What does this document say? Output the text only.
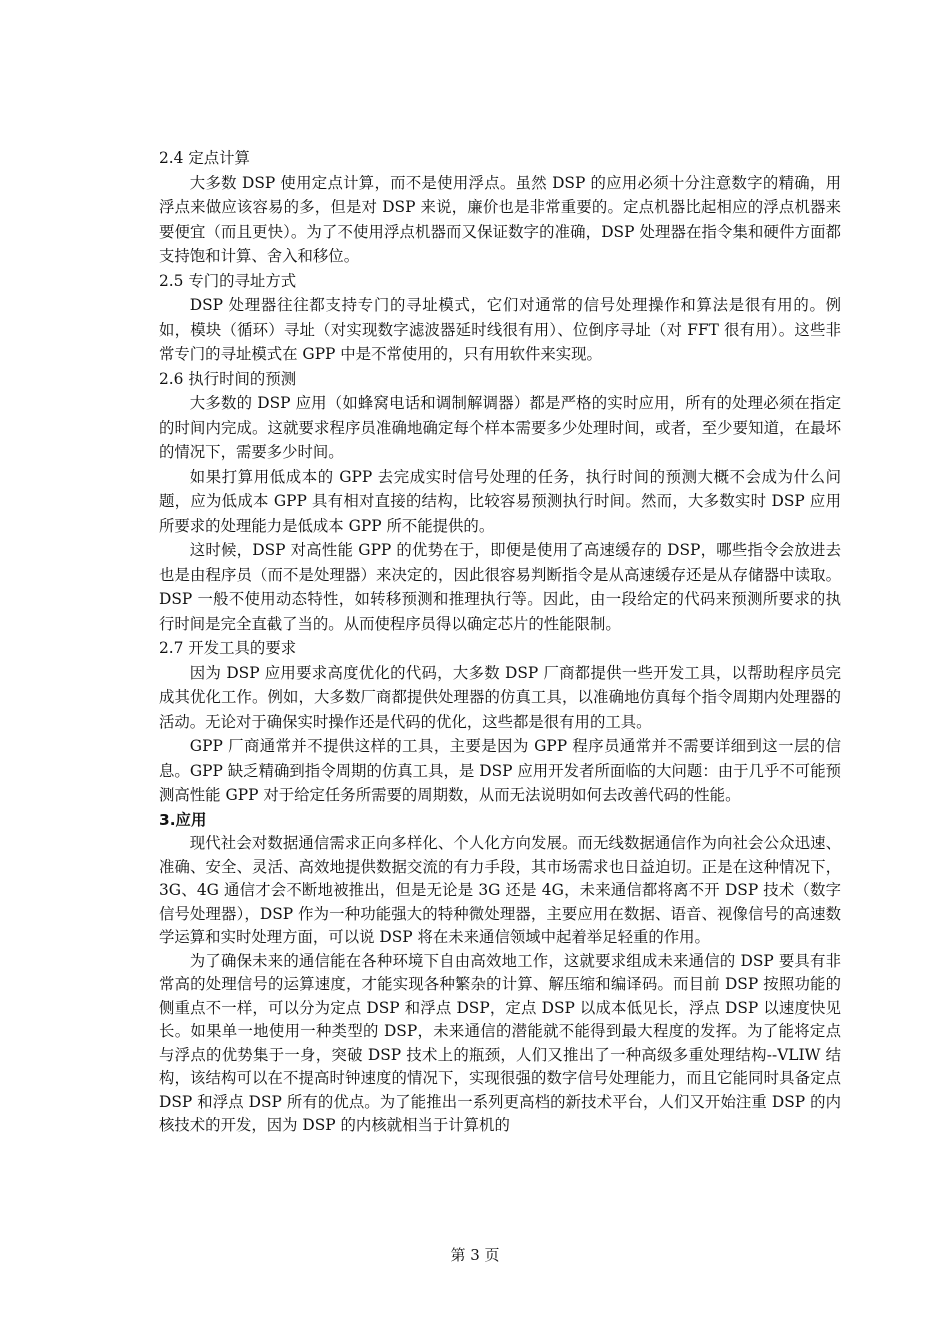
2.4 定点计算

大多数 DSP 使用定点计算，而不是使用浮点。虽然 DSP 的应用必须十分注意数字的精确，用浮点来做应该容易的多，但是对 DSP 来说，廉价也是非常重要的。定点机器比起相应的浮点机器来要便宜（而且更快）。为了不使用浮点机器而又保证数字的准确，DSP 处理器在指令集和硬件方面都支持饱和计算、舍入和移位。

2.5 专门的寻址方式

DSP 处理器往往都支持专门的寻址模式，它们对通常的信号处理操作和算法是很有用的。例如，模块（循环）寻址（对实现数字滤波器延时线很有用）、位倒序寻址（对 FFT 很有用）。这些非常专门的寻址模式在 GPP 中是不常使用的，只有用软件来实现。

2.6 执行时间的预测

大多数的 DSP 应用（如蜂窝电话和调制解调器）都是严格的实时应用，所有的处理必须在指定的时间内完成。这就要求程序员准确地确定每个样本需要多少处理时间，或者，至少要知道，在最坏的情况下，需要多少时间。

如果打算用低成本的 GPP 去完成实时信号处理的任务，执行时间的预测大概不会成为什么问题，应为低成本 GPP 具有相对直接的结构，比较容易预测执行时间。然而，大多数实时 DSP 应用所要求的处理能力是低成本 GPP 所不能提供的。

这时候，DSP 对高性能 GPP 的优势在于，即便是使用了高速缓存的 DSP，哪些指令会放进去也是由程序员（而不是处理器）来决定的，因此很容易判断指令是从高速缓存还是从存储器中读取。DSP 一般不使用动态特性，如转移预测和推理执行等。因此，由一段给定的代码来预测所要求的执行时间是完全直截了当的。从而使程序员得以确定芯片的性能限制。

2.7 开发工具的要求

因为 DSP 应用要求高度优化的代码，大多数 DSP 厂商都提供一些开发工具，以帮助程序员完成其优化工作。例如，大多数厂商都提供处理器的仿真工具，以准确地仿真每个指令周期内处理器的活动。无论对于确保实时操作还是代码的优化，这些都是很有用的工具。

GPP 厂商通常并不提供这样的工具，主要是因为 GPP 程序员通常并不需要详细到这一层的信息。GPP 缺乏精确到指令周期的仿真工具，是 DSP 应用开发者所面临的大问题：由于几乎不可能预测高性能 GPP 对于给定任务所需要的周期数，从而无法说明如何去改善代码的性能。

3.应用

现代社会对数据通信需求正向多样化、个人化方向发展。而无线数据通信作为向社会公众迅速、准确、安全、灵活、高效地提供数据交流的有力手段，其市场需求也日益迫切。正是在这种情况下，3G、4G 通信才会不断地被推出，但是无论是 3G 还是 4G，未来通信都将离不开 DSP 技术（数字信号处理器），DSP 作为一种功能强大的特种微处理器，主要应用在数据、语音、视像信号的高速数学运算和实时处理方面，可以说 DSP 将在未来通信领域中起着举足轻重的作用。

为了确保未来的通信能在各种环境下自由高效地工作，这就要求组成未来通信的 DSP 要具有非常高的处理信号的运算速度，才能实现各种繁杂的计算、解压缩和编译码。而目前 DSP 按照功能的侧重点不一样，可以分为定点 DSP 和浮点 DSP，定点 DSP 以成本低见长，浮点 DSP 以速度快见长。如果单一地使用一种类型的 DSP，未来通信的潜能就不能得到最大程度的发挥。为了能将定点与浮点的优势集于一身，突破 DSP 技术上的瓶颈，人们又推出了一种高级多重处理结构--VLIW 结构，该结构可以在不提高时钟速度的情况下，实现很强的数字信号处理能力，而且它能同时具备定点 DSP 和浮点 DSP 所有的优点。为了能推出一系列更高档的新技术平台，人们又开始注重 DSP 的内核技术的开发，因为 DSP 的内核就相当于计算机的

第 3 页
